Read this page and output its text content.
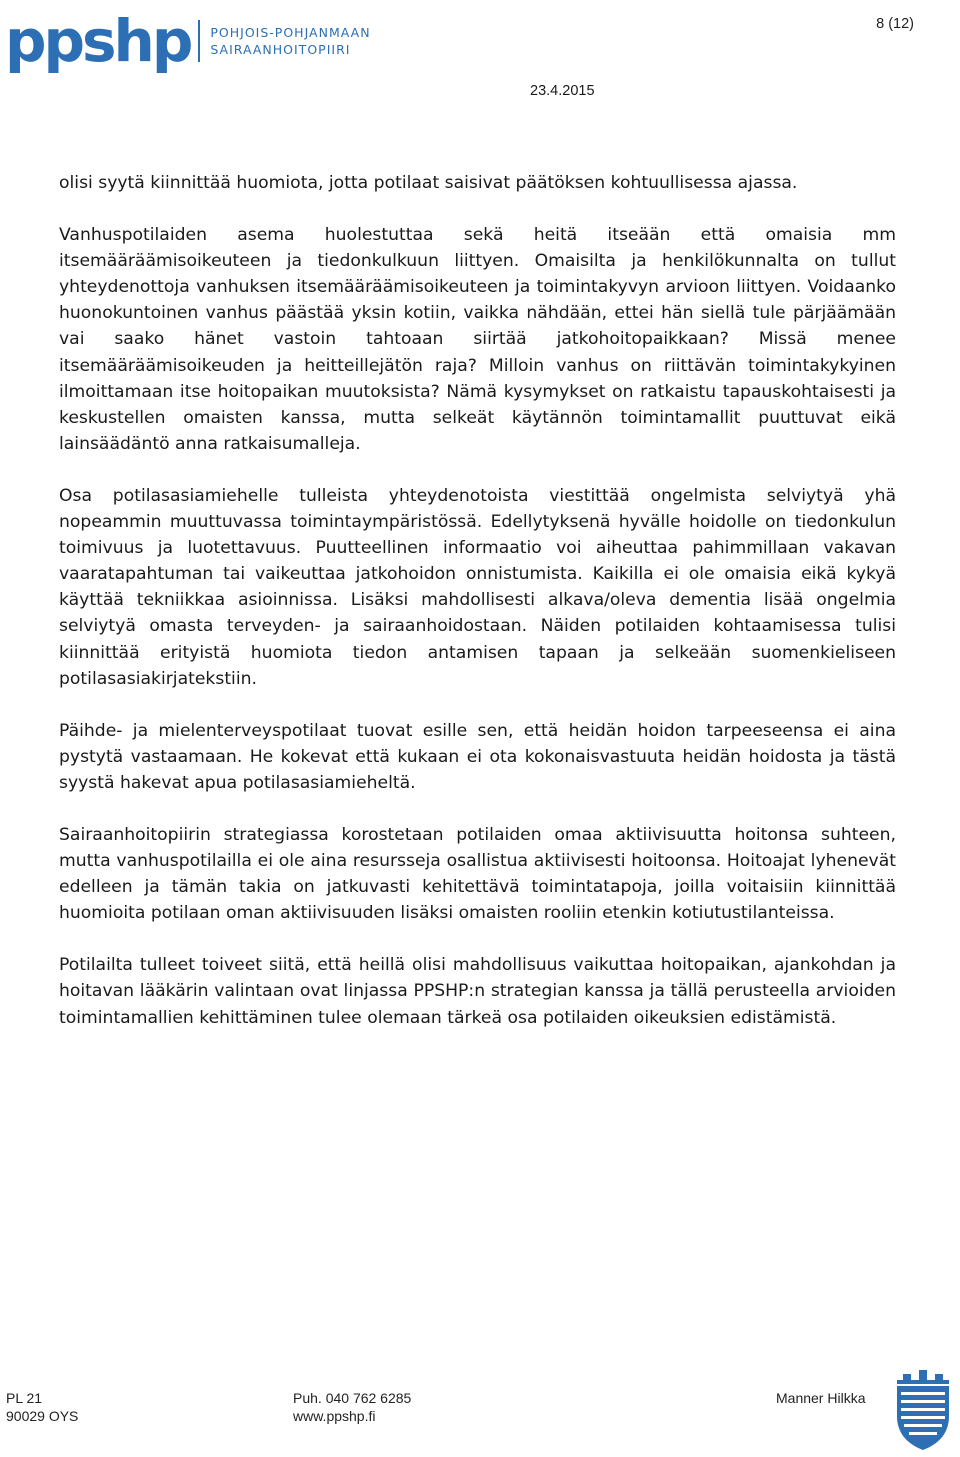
ppshp POHJOIS-POHJANMAAN
SAIRAANHOITOPIIRI
8 (12)
23.4.2015

olisi syytä kiinnittää huomiota, jotta potilaat saisivat päätöksen kohtuullisessa ajassa.

Vanhuspotilaiden asema huolestuttaa sekä heitä itseään että omaisia mm itsemääräämisoikeuteen ja tiedonkulkuun liittyen. Omaisilta ja henkilökunnalta on tullut yhteydenottoja vanhuksen itsemääräämisoikeuteen ja toimintakyvyn arvioon liittyen. Voidaanko huonokuntoinen vanhus päästää yksin kotiin, vaikka nähdään, ettei hän siellä tule pärjäämään vai saako hänet vastoin tahtoaan siirtää jatkohoitopaikkaan? Missä menee itsemääräämisoikeuden ja heitteillejätön raja? Milloin vanhus on riittävän toimintakykyinen ilmoittamaan itse hoitopaikan muutoksista? Nämä kysymykset on ratkaistu tapauskohtaisesti ja keskustellen omaisten kanssa, mutta selkeät käytännön toimintamallit puuttuvat eikä lainsäädäntö anna ratkaisumalleja.

Osa potilasasiamiehelle tulleista yhteydenotoista viestittää ongelmista selviytyä yhä nopeammin muuttuvassa toimintaympäristössä. Edellytyksenä hyvälle hoidolle on tiedonkulun toimivuus ja luotettavuus. Puutteellinen informaatio voi aiheuttaa pahimmillaan vakavan vaaratapahtuman tai vaikeuttaa jatkohoidon onnistumista. Kaikilla ei ole omaisia eikä kykyä käyttää tekniikkaa asioinnissa. Lisäksi mahdollisesti alkava/oleva dementia lisää ongelmia selviytyä omasta terveyden- ja sairaanhoidostaan. Näiden potilaiden kohtaamisessa tulisi kiinnittää erityistä huomiota tiedon antamisen tapaan ja selkeään suomenkieliseen potilasasiakirjatekstiin.

Päihde- ja mielenterveyspotilaat tuovat esille sen, että heidän hoidon tarpeeseensa ei aina pystytä vastaamaan. He kokevat että kukaan ei ota kokonaisvastuuta heidän hoidosta ja tästä syystä hakevat apua potilasasiamieheltä.

Sairaanhoitopiirin strategiassa korostetaan potilaiden omaa aktiivisuutta hoitonsa suhteen, mutta vanhuspotilailla ei ole aina resursseja osallistua aktiivisesti hoitoonsa. Hoitoajat lyhenevät edelleen ja tämän takia on jatkuvasti kehitettävä toimintatapoja, joilla voitaisiin kiinnittää huomioita potilaan oman aktiivisuuden lisäksi omaisten rooliin etenkin kotiutustilanteissa.

Potilailta tulleet toiveet siitä, että heillä olisi mahdollisuus vaikuttaa hoitopaikan, ajankohdan ja hoitavan lääkärin valintaan ovat linjassa PPSHP:n strategian kanssa ja tällä perusteella arvioiden toimintamallien kehittäminen tulee olemaan tärkeä osa potilaiden oikeuksien edistämistä.

PL 21
90029 OYS
Puh. 040 762 6285
www.ppshp.fi
Manner Hilkka
